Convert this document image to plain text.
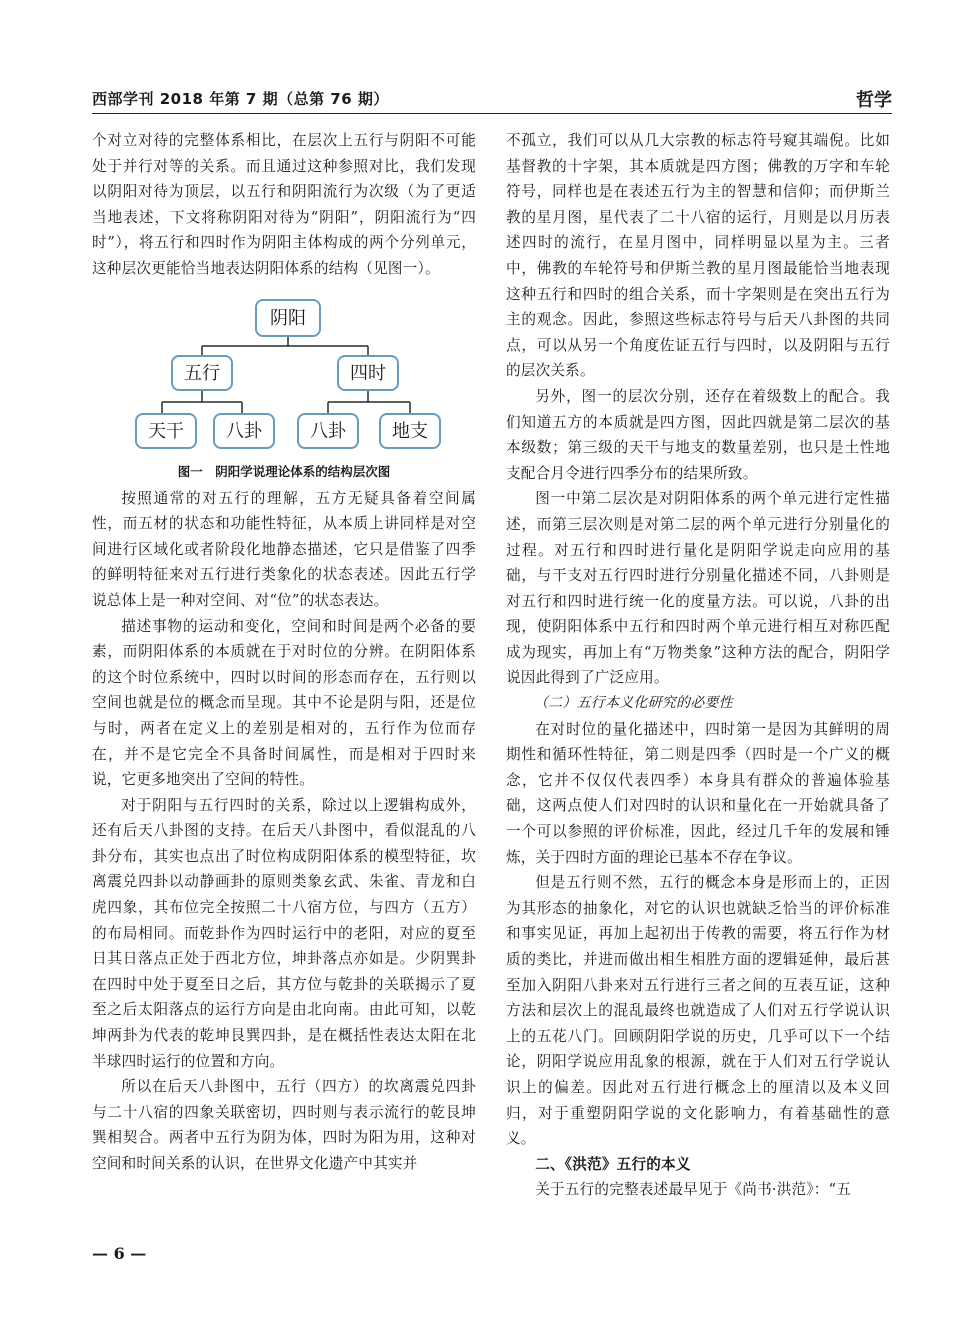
西部学刊 2018 年第 7 期（总第 76 期）	哲学

个对立对待的完整体系相比，在层次上五行与阴阳不可能处于并行对等的关系。而且通过这种参照对比，我们发现以阴阳对待为顶层，以五行和阴阳流行为次级（为了更适当地表述，下文将称阴阳对待为“阴阳”，阴阳流行为“四时”），将五行和四时作为阴阳主体构成的两个分列单元，这种层次更能恰当地表达阴阳体系的结构（见图一）。

阴阳
五行	四时
天干 八卦	八卦	地支
图一　阴阳学说理论体系的结构层次图

按照通常的对五行的理解，五方无疑具备着空间属性，而五材的状态和功能性特征，从本质上讲同样是对空间进行区域化或者阶段化地静态描述，它只是借鉴了四季的鲜明特征来对五行进行类象化的状态表述。因此五行学说总体上是一种对空间、对“位”的状态表达。

描述事物的运动和变化，空间和时间是两个必备的要素，而阴阳体系的本质就在于对时位的分辨。在阴阳体系的这个时位系统中，四时以时间的形态而存在，五行则以空间也就是位的概念而呈现。其中不论是阴与阳，还是位与时，两者在定义上的差别是相对的，五行作为位而存在，并不是它完全不具备时间属性，而是相对于四时来说，它更多地突出了空间的特性。

对于阴阳与五行四时的关系，除过以上逻辑构成外，还有后天八卦图的支持。在后天八卦图中，看似混乱的八卦分布，其实也点出了时位构成阴阳体系的模型特征，坎离震兑四卦以动静画卦的原则类象玄武、朱雀、青龙和白虎四象，其布位完全按照二十八宿方位，与四方（五方）的布局相同。而乾卦作为四时运行中的老阳，对应的夏至日其日落点正处于西北方位，坤卦落点亦如是。少阴巽卦在四时中处于夏至日之后，其方位与乾卦的关联揭示了夏至之后太阳落点的运行方向是由北向南。由此可知，以乾坤两卦为代表的乾坤艮巽四卦，是在概括性表达太阳在北半球四时运行的位置和方向。

所以在后天八卦图中，五行（四方）的坎离震兑四卦与二十八宿的四象关联密切，四时则与表示流行的乾艮坤巽相契合。两者中五行为阴为体，四时为阳为用，这种对空间和时间关系的认识，在世界文化遗产中其实并

不孤立，我们可以从几大宗教的标志符号窥其端倪。比如基督教的十字架，其本质就是四方图；佛教的万字和车轮符号，同样也是在表述五行为主的智慧和信仰；而伊斯兰教的星月图，星代表了二十八宿的运行，月则是以月历表述四时的流行，在星月图中，同样明显以星为主。三者中，佛教的车轮符号和伊斯兰教的星月图最能恰当地表现这种五行和四时的组合关系，而十字架则是在突出五行为主的观念。因此，参照这些标志符号与后天八卦图的共同点，可以从另一个角度佐证五行与四时，以及阴阳与五行的层次关系。

另外，图一的层次分别，还存在着级数上的配合。我们知道五方的本质就是四方图，因此四就是第二层次的基本级数；第三级的天干与地支的数量差别，也只是土性地支配合月令进行四季分布的结果所致。

图一中第二层次是对阴阳体系的两个单元进行定性描述，而第三层次则是对第二层的两个单元进行分别量化的过程。对五行和四时进行量化是阴阳学说走向应用的基础，与干支对五行四时进行分别量化描述不同，八卦则是对五行和四时进行统一化的度量方法。可以说，八卦的出现，使阴阳体系中五行和四时两个单元进行相互对称匹配成为现实，再加上有“万物类象”这种方法的配合，阴阳学说因此得到了广泛应用。

（二）五行本义化研究的必要性

在对时位的量化描述中，四时第一是因为其鲜明的周期性和循环性特征，第二则是四季（四时是一个广义的概念，它并不仅仅代表四季）本身具有群众的普遍体验基础，这两点使人们对四时的认识和量化在一开始就具备了一个可以参照的评价标准，因此，经过几千年的发展和锤炼，关于四时方面的理论已基本不存在争议。

但是五行则不然，五行的概念本身是形而上的，正因为其形态的抽象化，对它的认识也就缺乏恰当的评价标准和事实见证，再加上起初出于传教的需要，将五行作为材质的类比，并进而做出相生相胜方面的逻辑延伸，最后甚至加入阴阳八卦来对五行进行三者之间的互表互证，这种方法和层次上的混乱最终也就造成了人们对五行学说认识上的五花八门。回顾阴阳学说的历史，几乎可以下一个结论，阴阳学说应用乱象的根源，就在于人们对五行学说认识上的偏差。因此对五行进行概念上的厘清以及本义回归，对于重塑阴阳学说的文化影响力，有着基础性的意义。

二、《洪范》五行的本义

关于五行的完整表述最早见于《尚书·洪范》：“五

— 6 —
